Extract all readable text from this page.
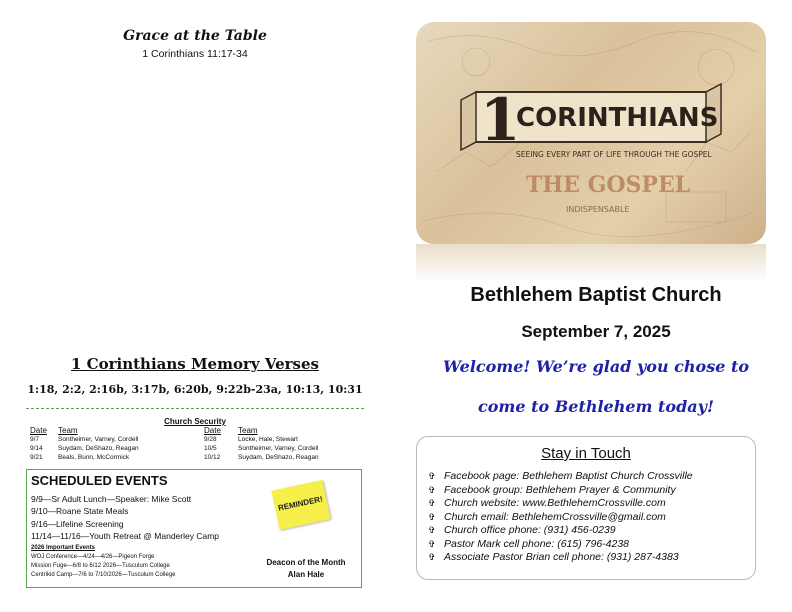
Grace at the Table
1 Corinthians 11:17-34
1 Corinthians Memory Verses
1:18, 2:2, 2:16b, 3:17b, 6:20b, 9:22b-23a, 10:13, 10:31
Church Security
Date	Team	Date	Team
9/7	Sontheimer, Varney, Cordell	9/28	Locke, Hale, Stewart
9/14	Suydam, DeShazo, Reagan	10/5	Sontheimer, Varney, Cordell
9/21	Beals, Bunn, McCormick	10/12	Suydam, DeShazo, Reagan
SCHEDULED EVENTS
9/9—Sr Adult Lunch—Speaker: Mike Scott
9/10—Roane State Meals
9/16—Lifeline Screening
11/14—11/16—Youth Retreat @ Manderley Camp
2026 Important Events
WOJ Conference—4/24—4/26—Pigeon Forge
Mission Fuge—6/8 to 6/12 2026—Tusculum College
Centrikid Camp—7/6 to 7/10/2026—Tusculum College
REMINDER!
Deacon of the Month
Alan Hale
1
CORINTHIANS
SEEING EVERY PART OF LIFE THROUGH THE GOSPEL
THE GOSPEL
INDISPENSABLE
Bethlehem Baptist Church
September 7, 2025
Welcome! We’re glad you chose to
come to Bethlehem today!
Stay in Touch
✞ Facebook page: Bethlehem Baptist Church Crossville
✞ Facebook group: Bethlehem Prayer & Community
✞ Church website: www.BethlehemCrossville.com
✞ Church email: BethlehemCrossville@gmail.com
✞ Church office phone: (931) 456-0239
✞ Pastor Mark cell phone: (615) 796-4238
✞ Associate Pastor Brian cell phone: (931) 287-4383
